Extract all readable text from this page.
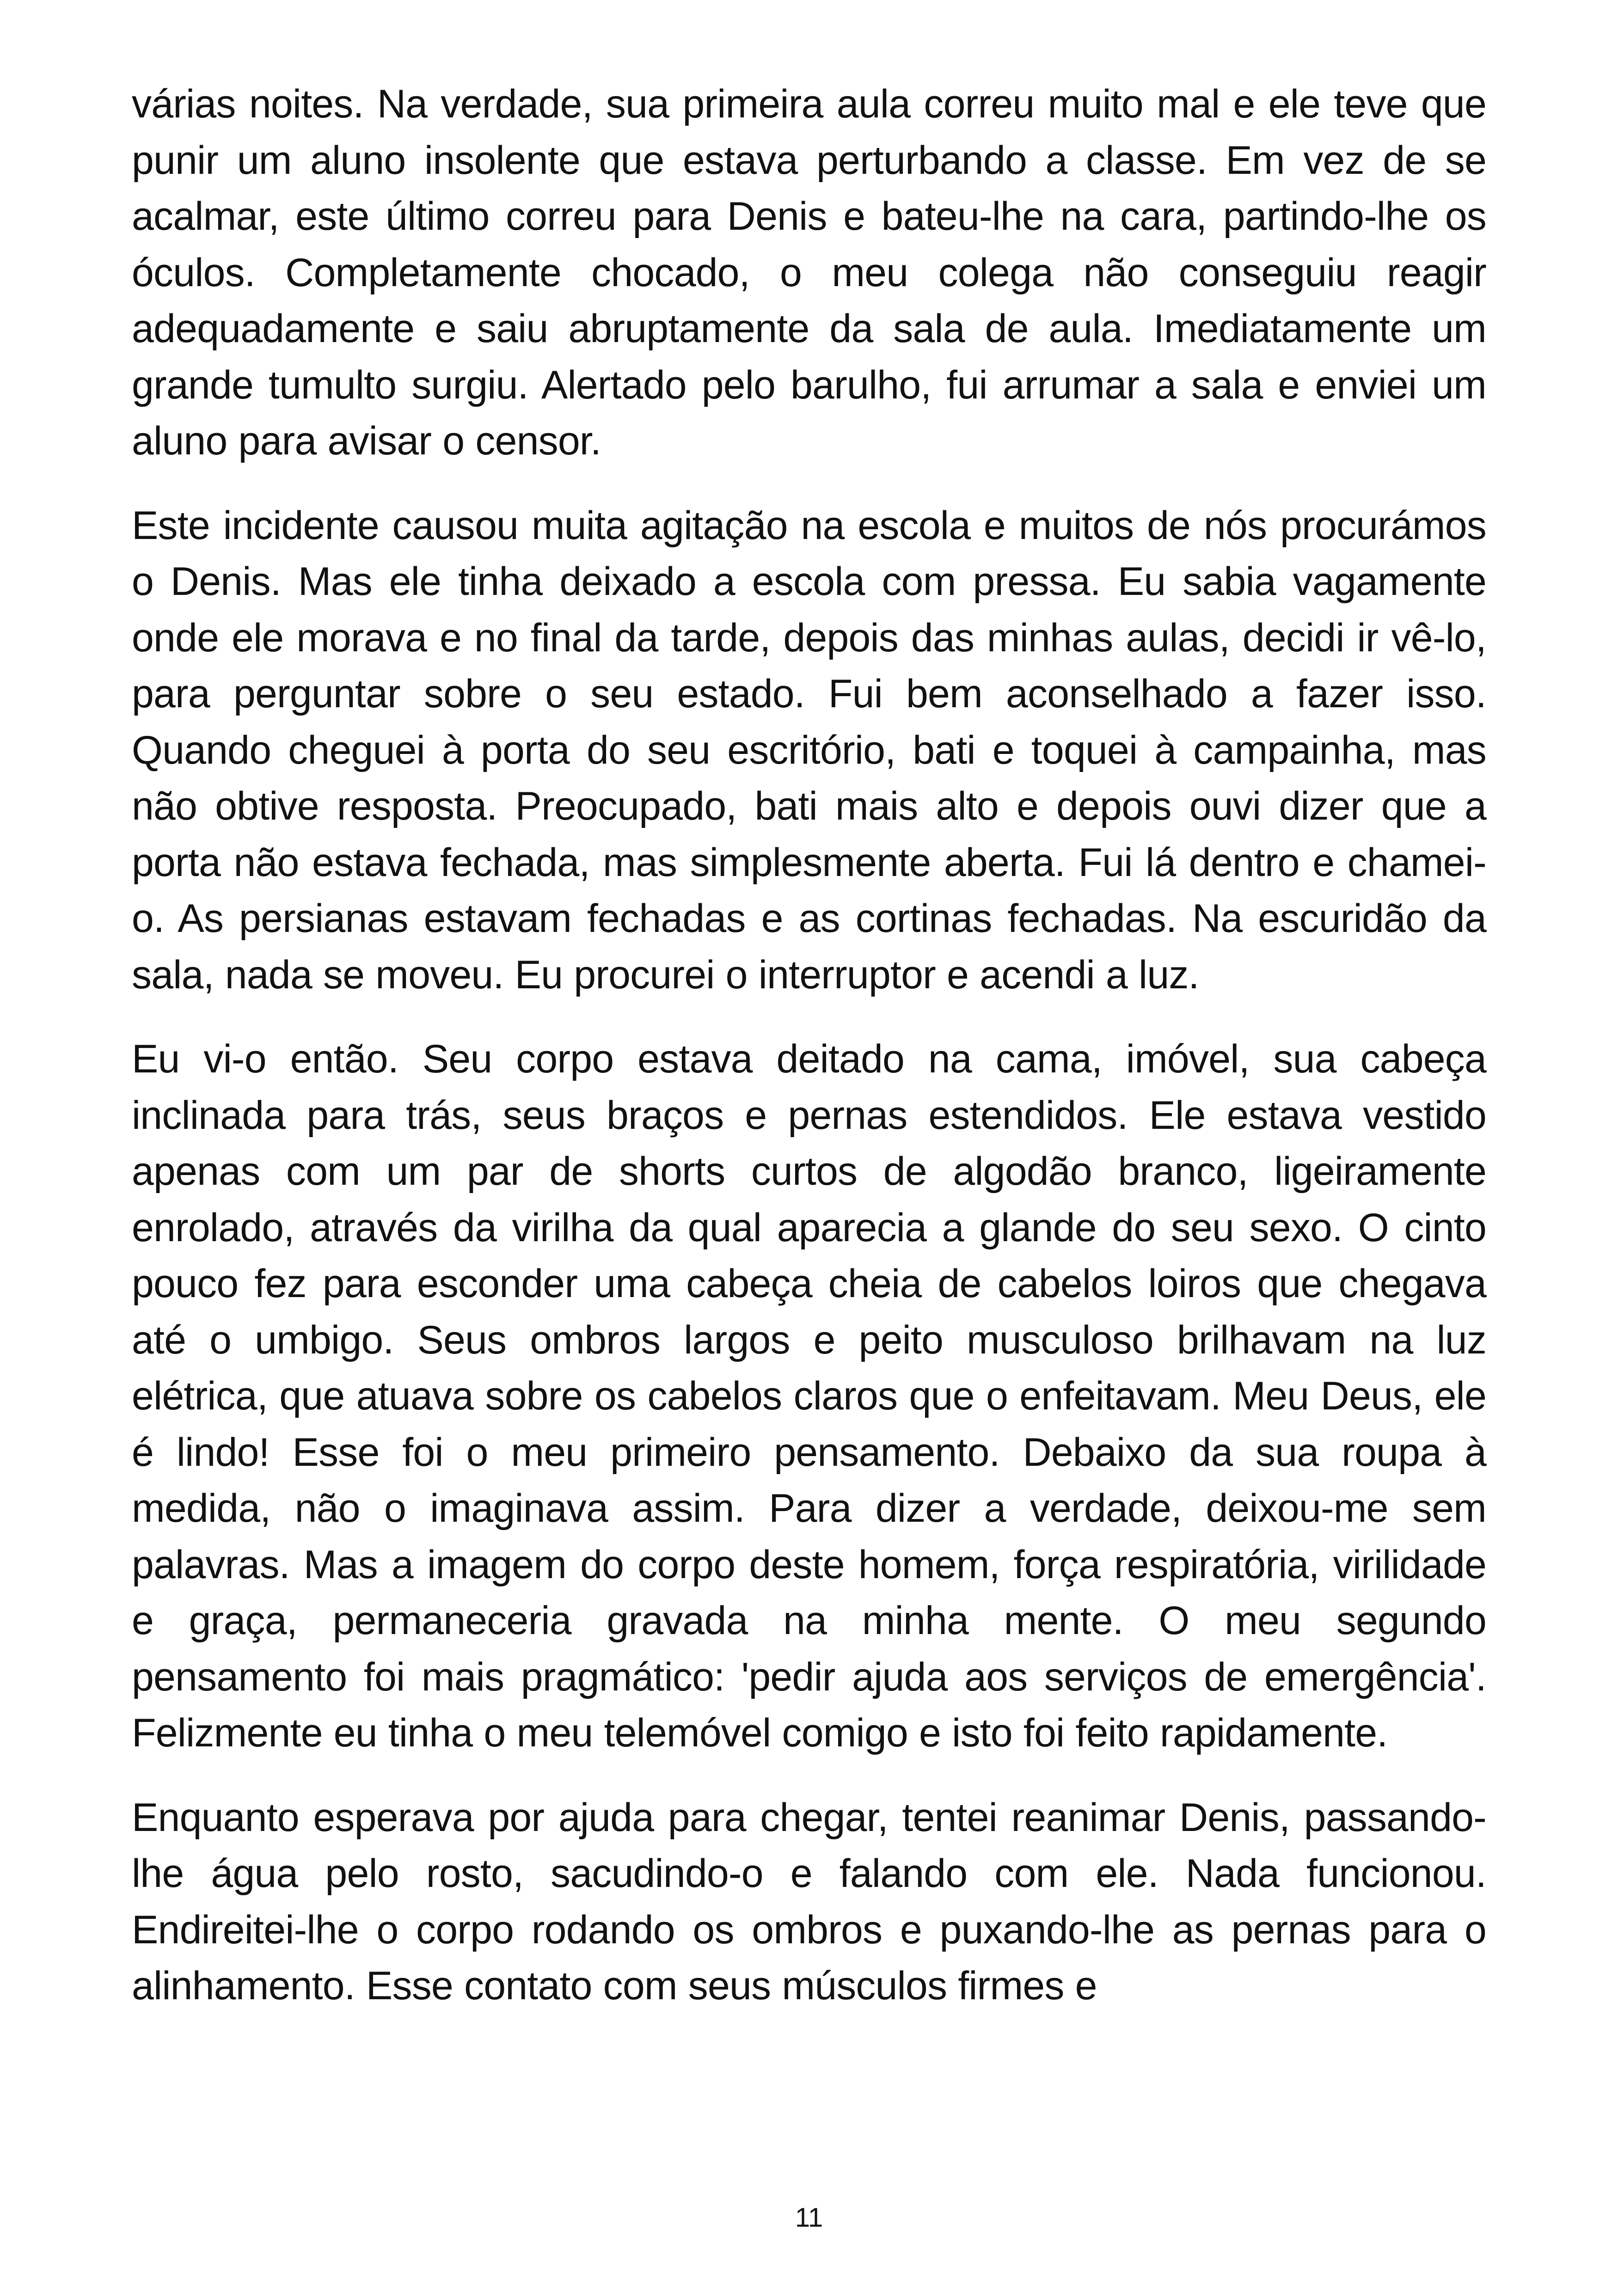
várias noites. Na verdade, sua primeira aula correu muito mal e ele teve que punir um aluno insolente que estava perturbando a classe. Em vez de se acalmar, este último correu para Denis e bateu-lhe na cara, partindo-lhe os óculos. Completamente chocado, o meu colega não conseguiu reagir adequadamente e saiu abruptamente da sala de aula. Imediatamente um grande tumulto surgiu. Alertado pelo barulho, fui arrumar a sala e enviei um aluno para avisar o censor.

Este incidente causou muita agitação na escola e muitos de nós procurámos o Denis. Mas ele tinha deixado a escola com pressa. Eu sabia vagamente onde ele morava e no final da tarde, depois das minhas aulas, decidi ir vê-lo, para perguntar sobre o seu estado. Fui bem aconselhado a fazer isso. Quando cheguei à porta do seu escritório, bati e toquei à campainha, mas não obtive resposta. Preocupado, bati mais alto e depois ouvi dizer que a porta não estava fechada, mas simplesmente aberta. Fui lá dentro e chamei-o. As persianas estavam fechadas e as cortinas fechadas. Na escuridão da sala, nada se moveu. Eu procurei o interruptor e acendi a luz.

Eu vi-o então. Seu corpo estava deitado na cama, imóvel, sua cabeça inclinada para trás, seus braços e pernas estendidos. Ele estava vestido apenas com um par de shorts curtos de algodão branco, ligeiramente enrolado, através da virilha da qual aparecia a glande do seu sexo. O cinto pouco fez para esconder uma cabeça cheia de cabelos loiros que chegava até o umbigo. Seus ombros largos e peito musculoso brilhavam na luz elétrica, que atuava sobre os cabelos claros que o enfeitavam. Meu Deus, ele é lindo! Esse foi o meu primeiro pensamento. Debaixo da sua roupa à medida, não o imaginava assim. Para dizer a verdade, deixou-me sem palavras. Mas a imagem do corpo deste homem, força respiratória, virilidade e graça, permaneceria gravada na minha mente. O meu segundo pensamento foi mais pragmático: 'pedir ajuda aos serviços de emergência'. Felizmente eu tinha o meu telemóvel comigo e isto foi feito rapidamente.

Enquanto esperava por ajuda para chegar, tentei reanimar Denis, passando-lhe água pelo rosto, sacudindo-o e falando com ele. Nada funcionou. Endireitei-lhe o corpo rodando os ombros e puxando-lhe as pernas para o alinhamento. Esse contato com seus músculos firmes e

11
